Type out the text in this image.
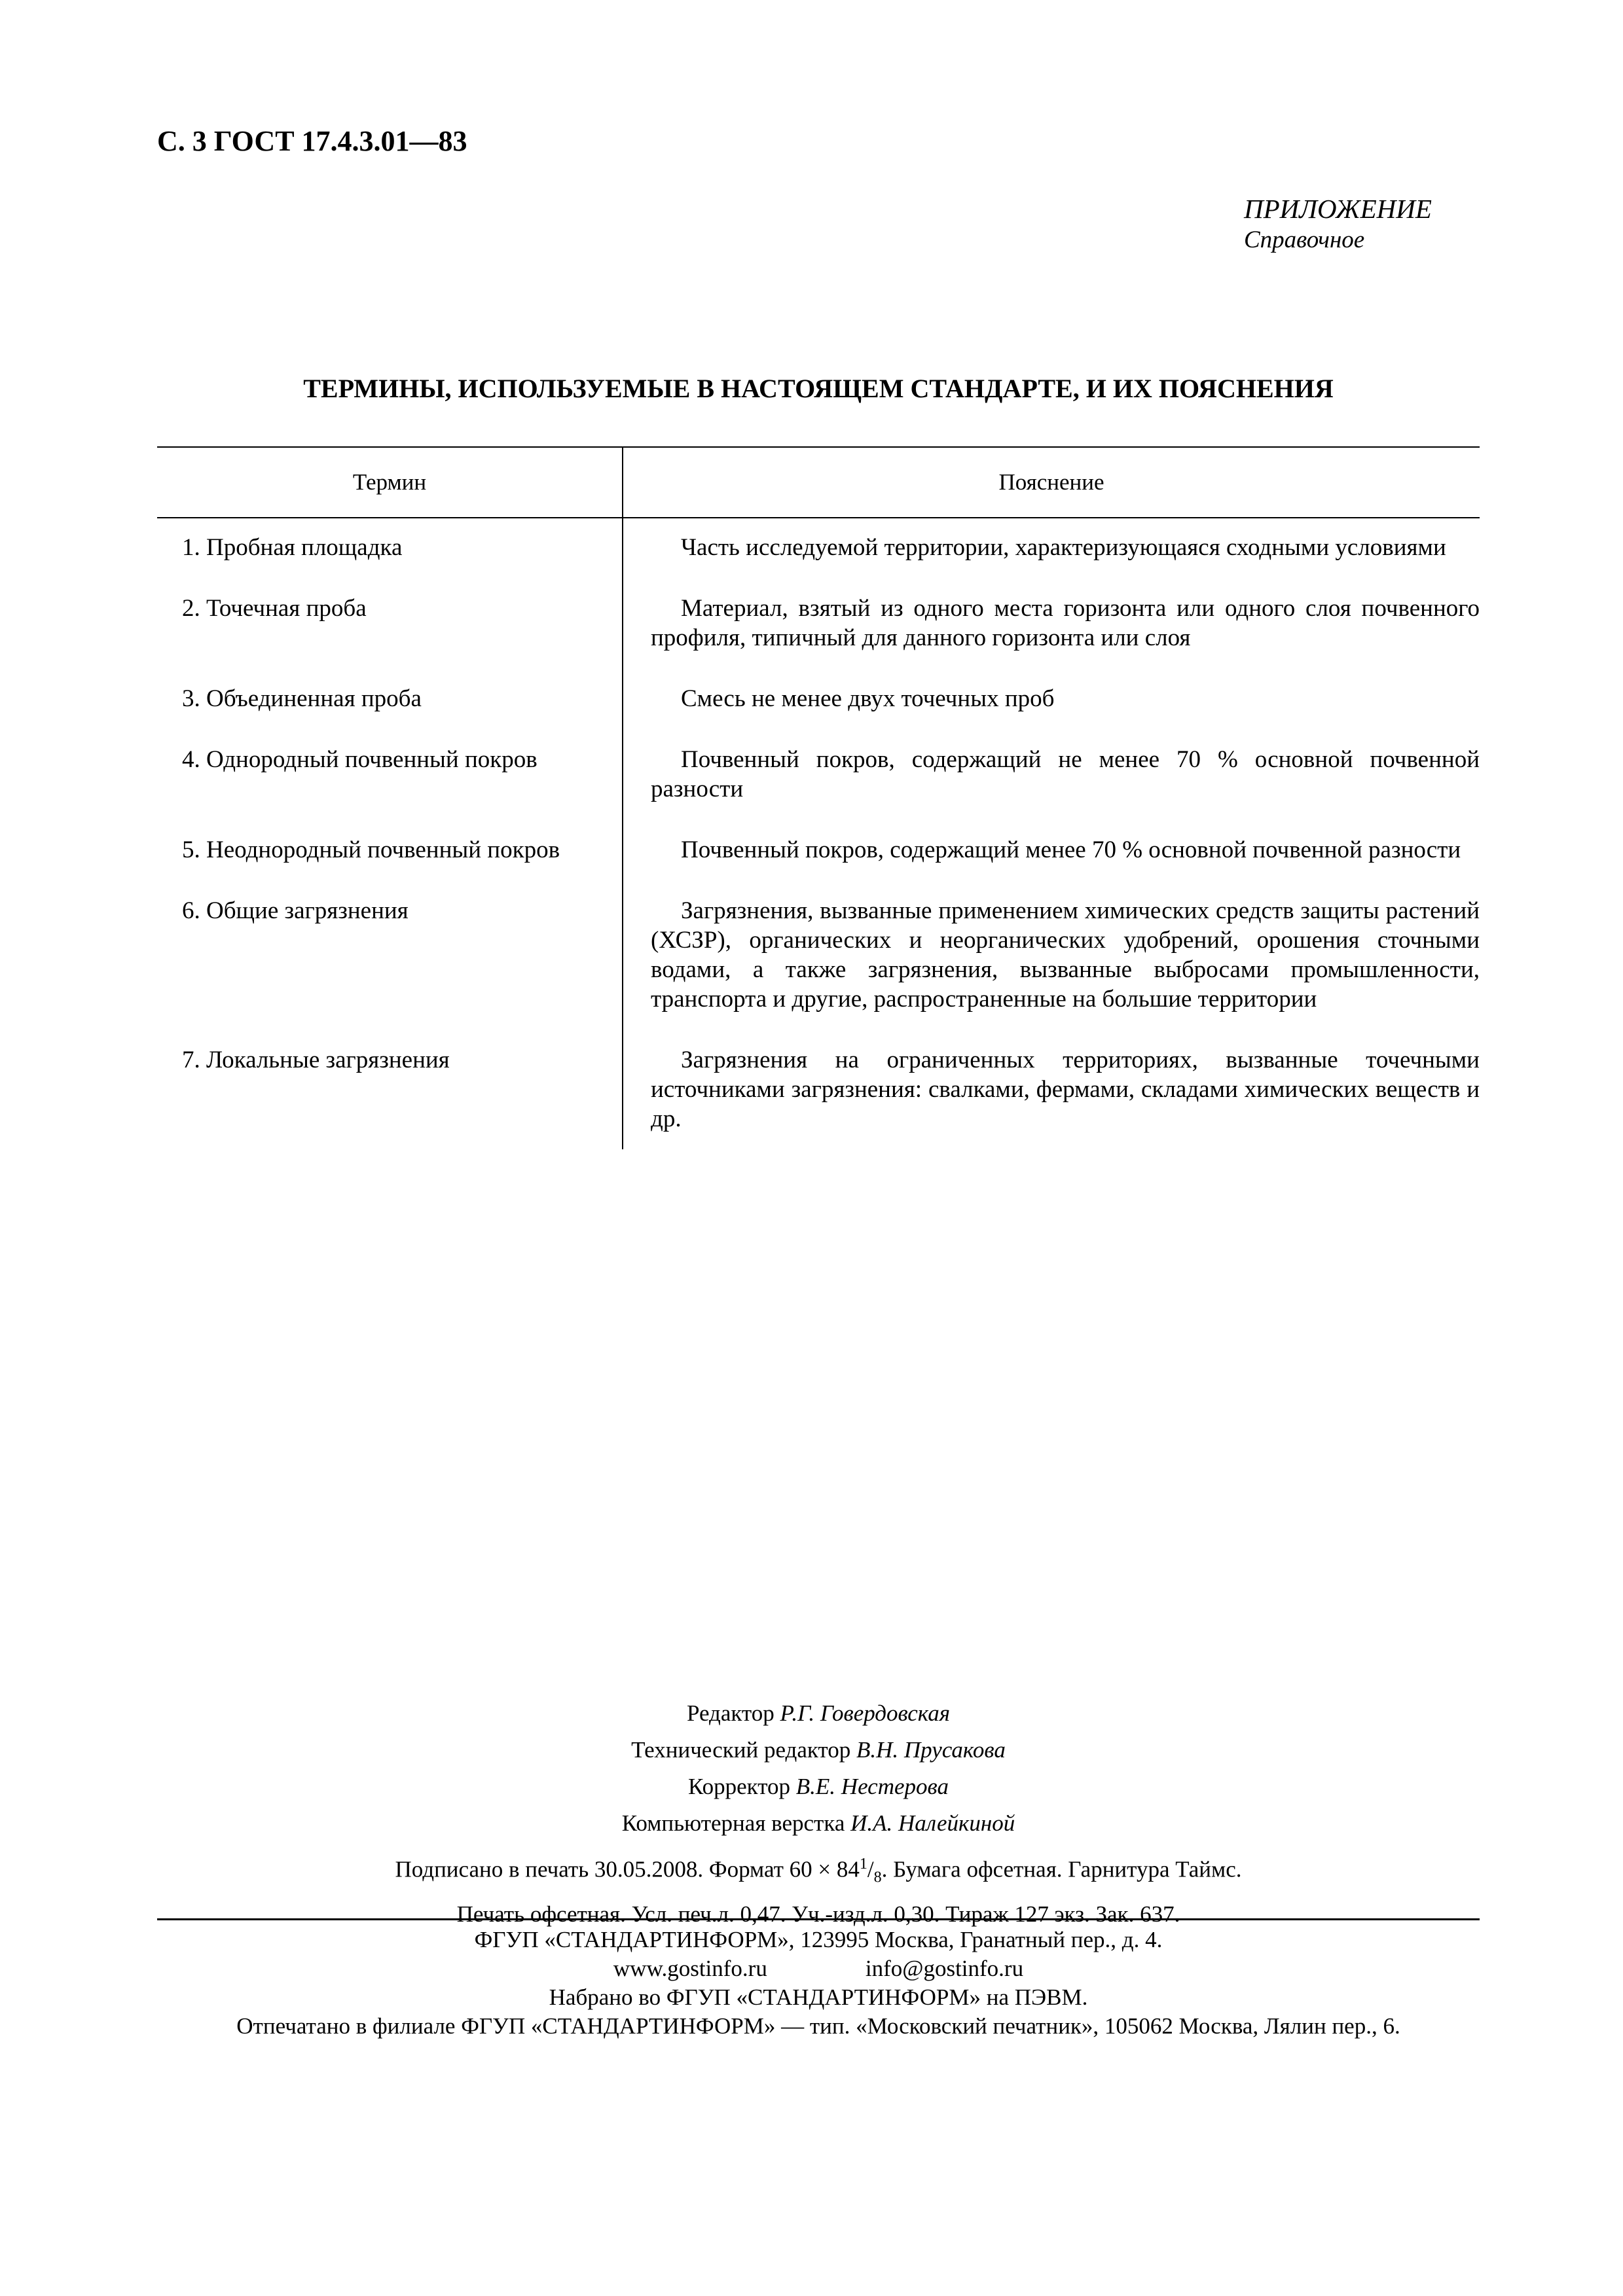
С. 3 ГОСТ 17.4.3.01—83
ПРИЛОЖЕНИЕ
Справочное
ТЕРМИНЫ, ИСПОЛЬЗУЕМЫЕ В НАСТОЯЩЕМ СТАНДАРТЕ, И ИХ ПОЯСНЕНИЯ
Термин	Пояснение
1. Пробная площадка	Часть исследуемой территории, характеризующаяся сходными условиями
2. Точечная проба	Материал, взятый из одного места горизонта или одного слоя почвенного профиля, типичный для данного горизонта или слоя
3. Объединенная проба	Смесь не менее двух точечных проб
4. Однородный почвенный покров	Почвенный покров, содержащий не менее 70 % основной почвенной разности
5. Неоднородный почвенный покров	Почвенный покров, содержащий менее 70 % основной почвенной разности
6. Общие загрязнения	Загрязнения, вызванные применением химических средств защиты растений (ХСЗР), органических и неорганических удобрений, орошения сточными водами, а также загрязнения, вызванные выбросами промышленности, транспорта и другие, распространенные на большие территории
7. Локальные загрязнения	Загрязнения на ограниченных территориях, вызванные точечными источниками загрязнения: свалками, фермами, складами химических веществ и др.
Редактор Р.Г. Говердовская
Технический редактор В.Н. Прусакова
Корректор В.Е. Нестерова
Компьютерная верстка И.А. Налейкиной
Подписано в печать 30.05.2008. Формат $60 \times 84^1/_8$. Бумага офсетная. Гарнитура Таймс.
Печать офсетная. Усл. печ.л. 0,47. Уч.-изд.л. 0,30. Тираж 127 экз. Зак. 637.
ФГУП «СТАНДАРТИНФОРМ», 123995 Москва, Гранатный пер., д. 4.
www.gostinfo.ru	info@gostinfo.ru
Набрано во ФГУП «СТАНДАРТИНФОРМ» на ПЭВМ.
Отпечатано в филиале ФГУП «СТАНДАРТИНФОРМ» — тип. «Московский печатник», 105062 Москва, Лялин пер., 6.
